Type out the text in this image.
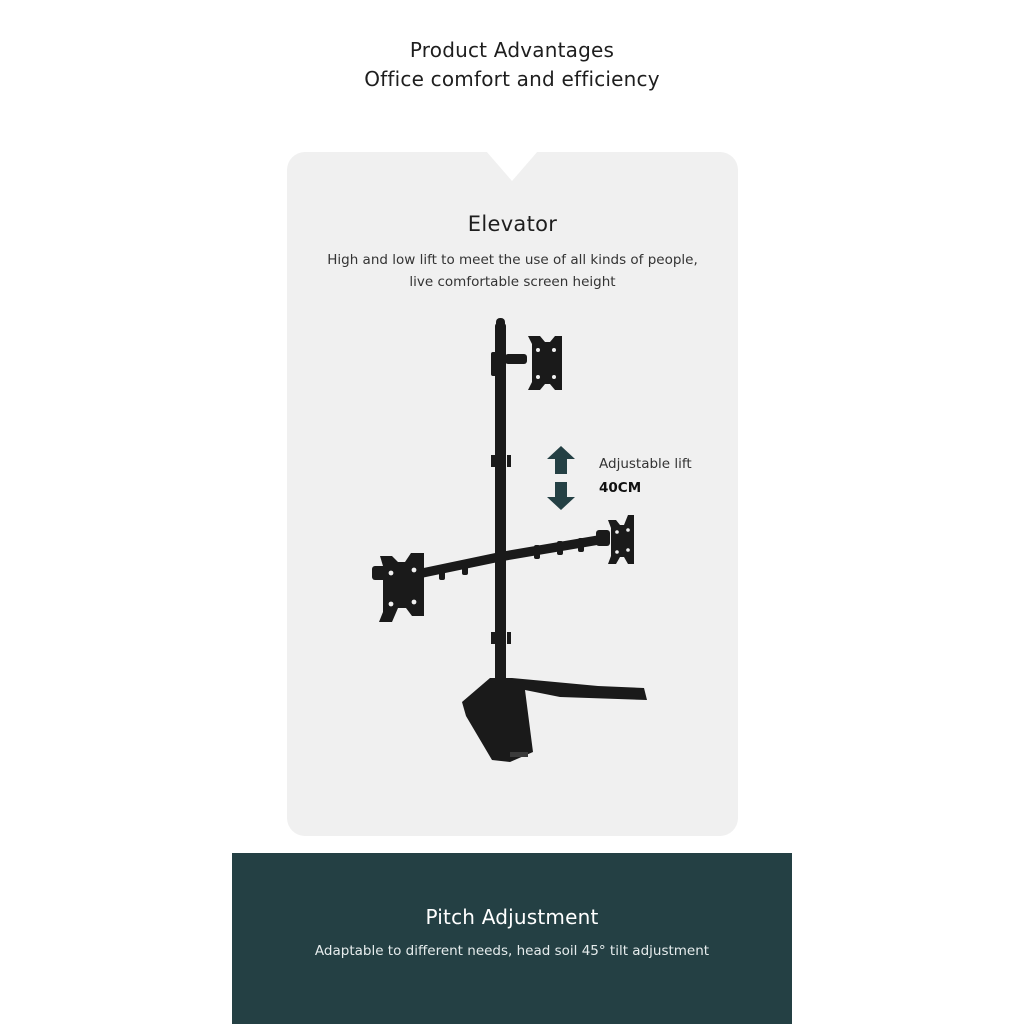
Product Advantages
Office comfort and efficiency
Elevator
High and low lift to meet the use of all kinds of people,
live comfortable screen height
Adjustable lift
40CM
Pitch Adjustment
Adaptable to different needs, head soil 45° tilt adjustment
